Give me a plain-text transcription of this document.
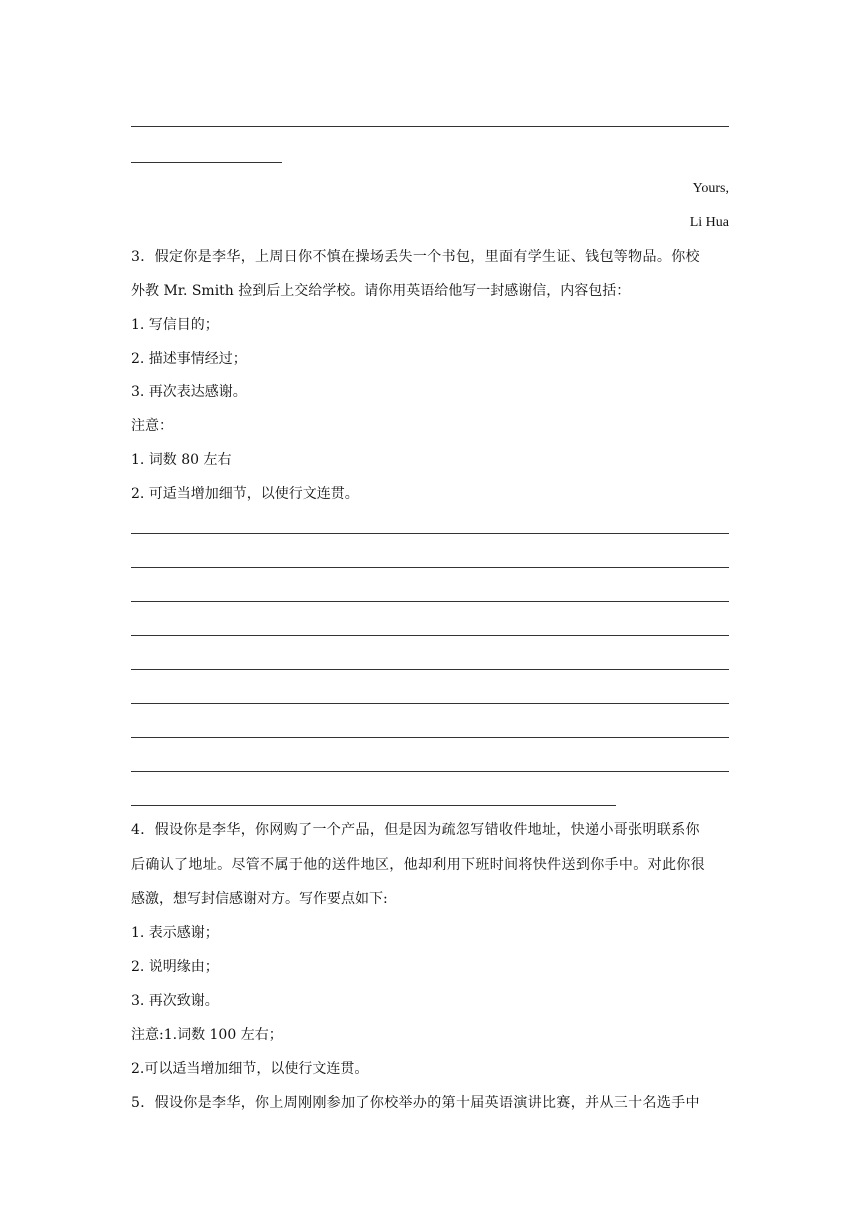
Yours,
Li Hua
3．假定你是李华，上周日你不慎在操场丢失一个书包，里面有学生证、钱包等物品。你校
外教 Mr. Smith 捡到后上交给学校。请你用英语给他写一封感谢信，内容包括：
1. 写信目的；
2. 描述事情经过；
3. 再次表达感谢。
注意：
1. 词数 80 左右
2. 可适当增加细节，以使行文连贯。
4．假设你是李华，你网购了一个产品，但是因为疏忽写错收件地址，快递小哥张明联系你
后确认了地址。尽管不属于他的送件地区，他却利用下班时间将快件送到你手中。对此你很
感激，想写封信感谢对方。写作要点如下:
1. 表示感谢；
2. 说明缘由；
3. 再次致谢。
注意:1.词数 100 左右；
2.可以适当增加细节，以使行文连贯。
5．假设你是李华，你上周刚刚参加了你校举办的第十届英语演讲比赛，并从三十名选手中
